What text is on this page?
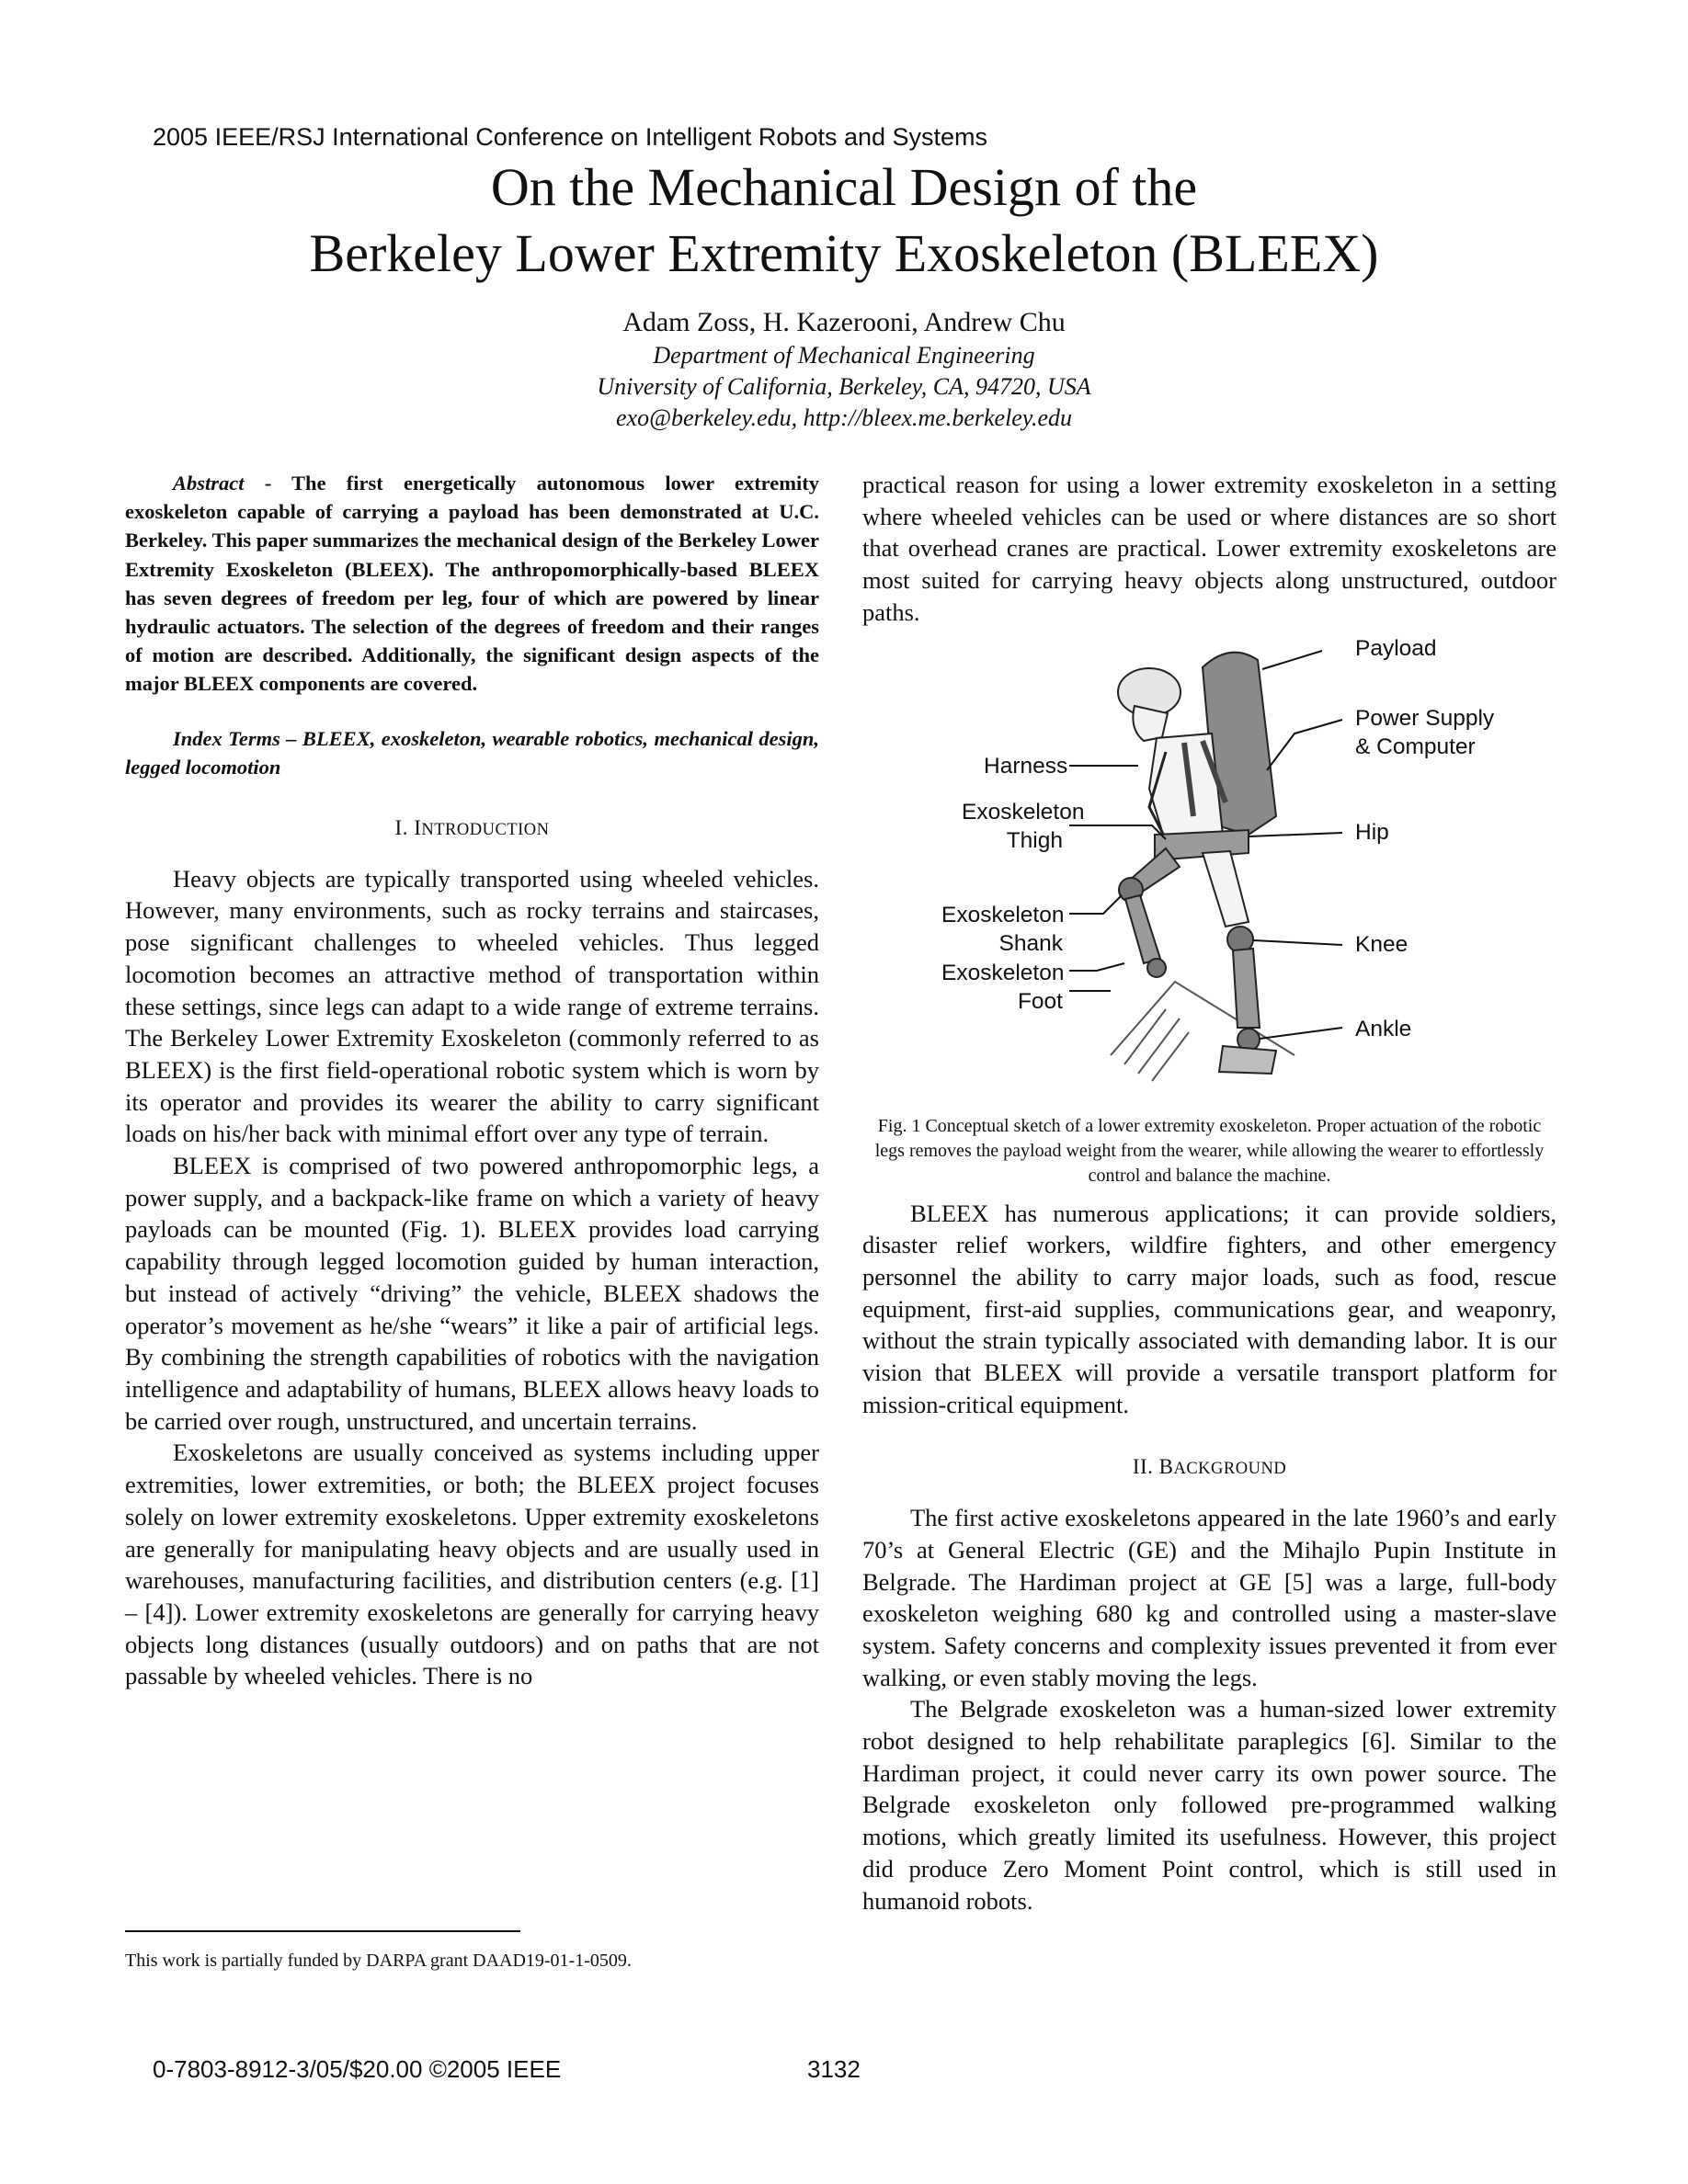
2005 IEEE/RSJ International Conference on Intelligent Robots and Systems
On the Mechanical Design of the
Berkeley Lower Extremity Exoskeleton (BLEEX)
Adam Zoss, H. Kazerooni, Andrew Chu
Department of Mechanical Engineering
University of California, Berkeley, CA, 94720, USA
exo@berkeley.edu, http://bleex.me.berkeley.edu

Abstract - The first energetically autonomous lower extremity exoskeleton capable of carrying a payload has been demonstrated at U.C. Berkeley. This paper summarizes the mechanical design of the Berkeley Lower Extremity Exoskeleton (BLEEX). The anthropomorphically-based BLEEX has seven degrees of freedom per leg, four of which are powered by linear hydraulic actuators. The selection of the degrees of freedom and their ranges of motion are described. Additionally, the significant design aspects of the major BLEEX components are covered.

Index Terms – BLEEX, exoskeleton, wearable robotics, mechanical design, legged locomotion

I. INTRODUCTION

Heavy objects are typically transported using wheeled vehicles. However, many environments, such as rocky terrains and staircases, pose significant challenges to wheeled vehicles. Thus legged locomotion becomes an attractive method of transportation within these settings, since legs can adapt to a wide range of extreme terrains. The Berkeley Lower Extremity Exoskeleton (commonly referred to as BLEEX) is the first field-operational robotic system which is worn by its operator and provides its wearer the ability to carry significant loads on his/her back with minimal effort over any type of terrain.

BLEEX is comprised of two powered anthropomorphic legs, a power supply, and a backpack-like frame on which a variety of heavy payloads can be mounted (Fig. 1). BLEEX provides load carrying capability through legged locomotion guided by human interaction, but instead of actively “driving” the vehicle, BLEEX shadows the operator’s movement as he/she “wears” it like a pair of artificial legs. By combining the strength capabilities of robotics with the navigation intelligence and adaptability of humans, BLEEX allows heavy loads to be carried over rough, unstructured, and uncertain terrains.

Exoskeletons are usually conceived as systems including upper extremities, lower extremities, or both; the BLEEX project focuses solely on lower extremity exoskeletons. Upper extremity exoskeletons are generally for manipulating heavy objects and are usually used in warehouses, manufacturing facilities, and distribution centers (e.g. [1] – [4]). Lower extremity exoskeletons are generally for carrying heavy objects long distances (usually outdoors) and on paths that are not passable by wheeled vehicles. There is no

practical reason for using a lower extremity exoskeleton in a setting where wheeled vehicles can be used or where distances are so short that overhead cranes are practical. Lower extremity exoskeletons are most suited for carrying heavy objects along unstructured, outdoor paths.

Payload
Power Supply
& Computer
Harness
Exoskeleton
Thigh	Hip
Exoskeleton
Shank	Knee
Exoskeleton
Foot
Ankle

Fig. 1 Conceptual sketch of a lower extremity exoskeleton. Proper actuation of the robotic legs removes the payload weight from the wearer, while allowing the wearer to effortlessly control and balance the machine.

BLEEX has numerous applications; it can provide soldiers, disaster relief workers, wildfire fighters, and other emergency personnel the ability to carry major loads, such as food, rescue equipment, first-aid supplies, communications gear, and weaponry, without the strain typically associated with demanding labor. It is our vision that BLEEX will provide a versatile transport platform for mission-critical equipment.

II. BACKGROUND

The first active exoskeletons appeared in the late 1960’s and early 70’s at General Electric (GE) and the Mihajlo Pupin Institute in Belgrade. The Hardiman project at GE [5] was a large, full-body exoskeleton weighing 680 kg and controlled using a master-slave system. Safety concerns and complexity issues prevented it from ever walking, or even stably moving the legs.

The Belgrade exoskeleton was a human-sized lower extremity robot designed to help rehabilitate paraplegics [6]. Similar to the Hardiman project, it could never carry its own power source. The Belgrade exoskeleton only followed pre-programmed walking motions, which greatly limited its usefulness. However, this project did produce Zero Moment Point control, which is still used in humanoid robots.

This work is partially funded by DARPA grant DAAD19-01-1-0509.
0-7803-8912-3/05/$20.00 ©2005 IEEE	3132
